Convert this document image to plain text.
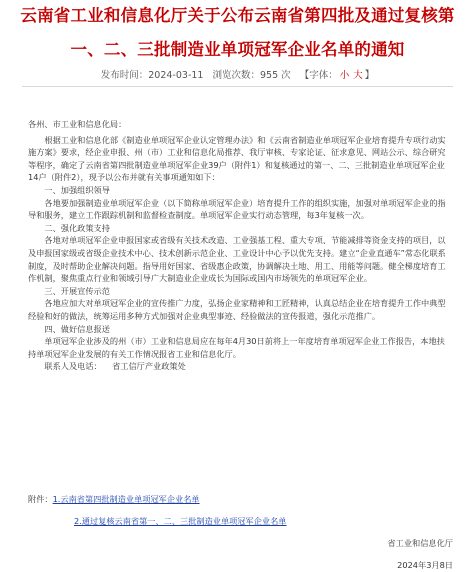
云南省工业和信息化厅关于公布云南省第四批及通过复核第
一、二、三批制造业单项冠军企业名单的通知
发布时间：2024-03-11 浏览次数：955 次 【字体： 小 大 】

各州、市工业和信息化局：

根据工业和信息化部《制造业单项冠军企业认定管理办法》和《云南省制造业单项冠军企业培育提升专项行动实施方案》要求，经企业申报、州（市）工业和信息化局推荐、我厅审核、专家论证、征求意见、网站公示、综合研究等程序，确定了云南省第四批制造业单项冠军企业39户（附件1）和复核通过的第一、二、三批制造业单项冠军企业14户（附件2），现予以公布并就有关事项通知如下：

一、加强组织领导

各地要加强制造业单项冠军企业（以下简称单项冠军企业）培育提升工作的组织实施，加强对单项冠军企业的指导和服务，建立工作跟踪机制和监督检查制度。单项冠军企业实行动态管理，每3年复核一次。

二、强化政策支持

各地对单项冠军企业申报国家或省级有关技术改造、工业强基工程、重大专项、节能减排等资金支持的项目，以及申报国家级或省级企业技术中心、技术创新示范企业、工业设计中心予以优先支持。建立“企业直通车”常态化联系制度，及时帮助企业解决问题。指导用好国家、省级惠企政策，协调解决土地、用工、用能等问题。健全梯度培育工作机制，聚焦重点行业和领域引导广大制造业企业成长为国际或国内市场领先的单项冠军企业。

三、开展宣传示范

各地应加大对单项冠军企业的宣传推广力度，弘扬企业家精神和工匠精神，认真总结企业在培育提升工作中典型经验和好的做法，统筹运用多种方式加强对企业典型事迹、经验做法的宣传报道，强化示范推广。

四、做好信息报送

单项冠军企业涉及的州（市）工业和信息局应在每年4月30日前将上一年度培育单项冠军企业工作报告，本地扶持单项冠军企业发展的有关工作情况报省工业和信息化厅。

联系人及电话：    省工信厅产业政策处

附件：1.云南省第四批制造业单项冠军企业名单
2.通过复核云南省第一、二、三批制造业单项冠军企业名单
省工业和信息化厅
2024年3月8日
